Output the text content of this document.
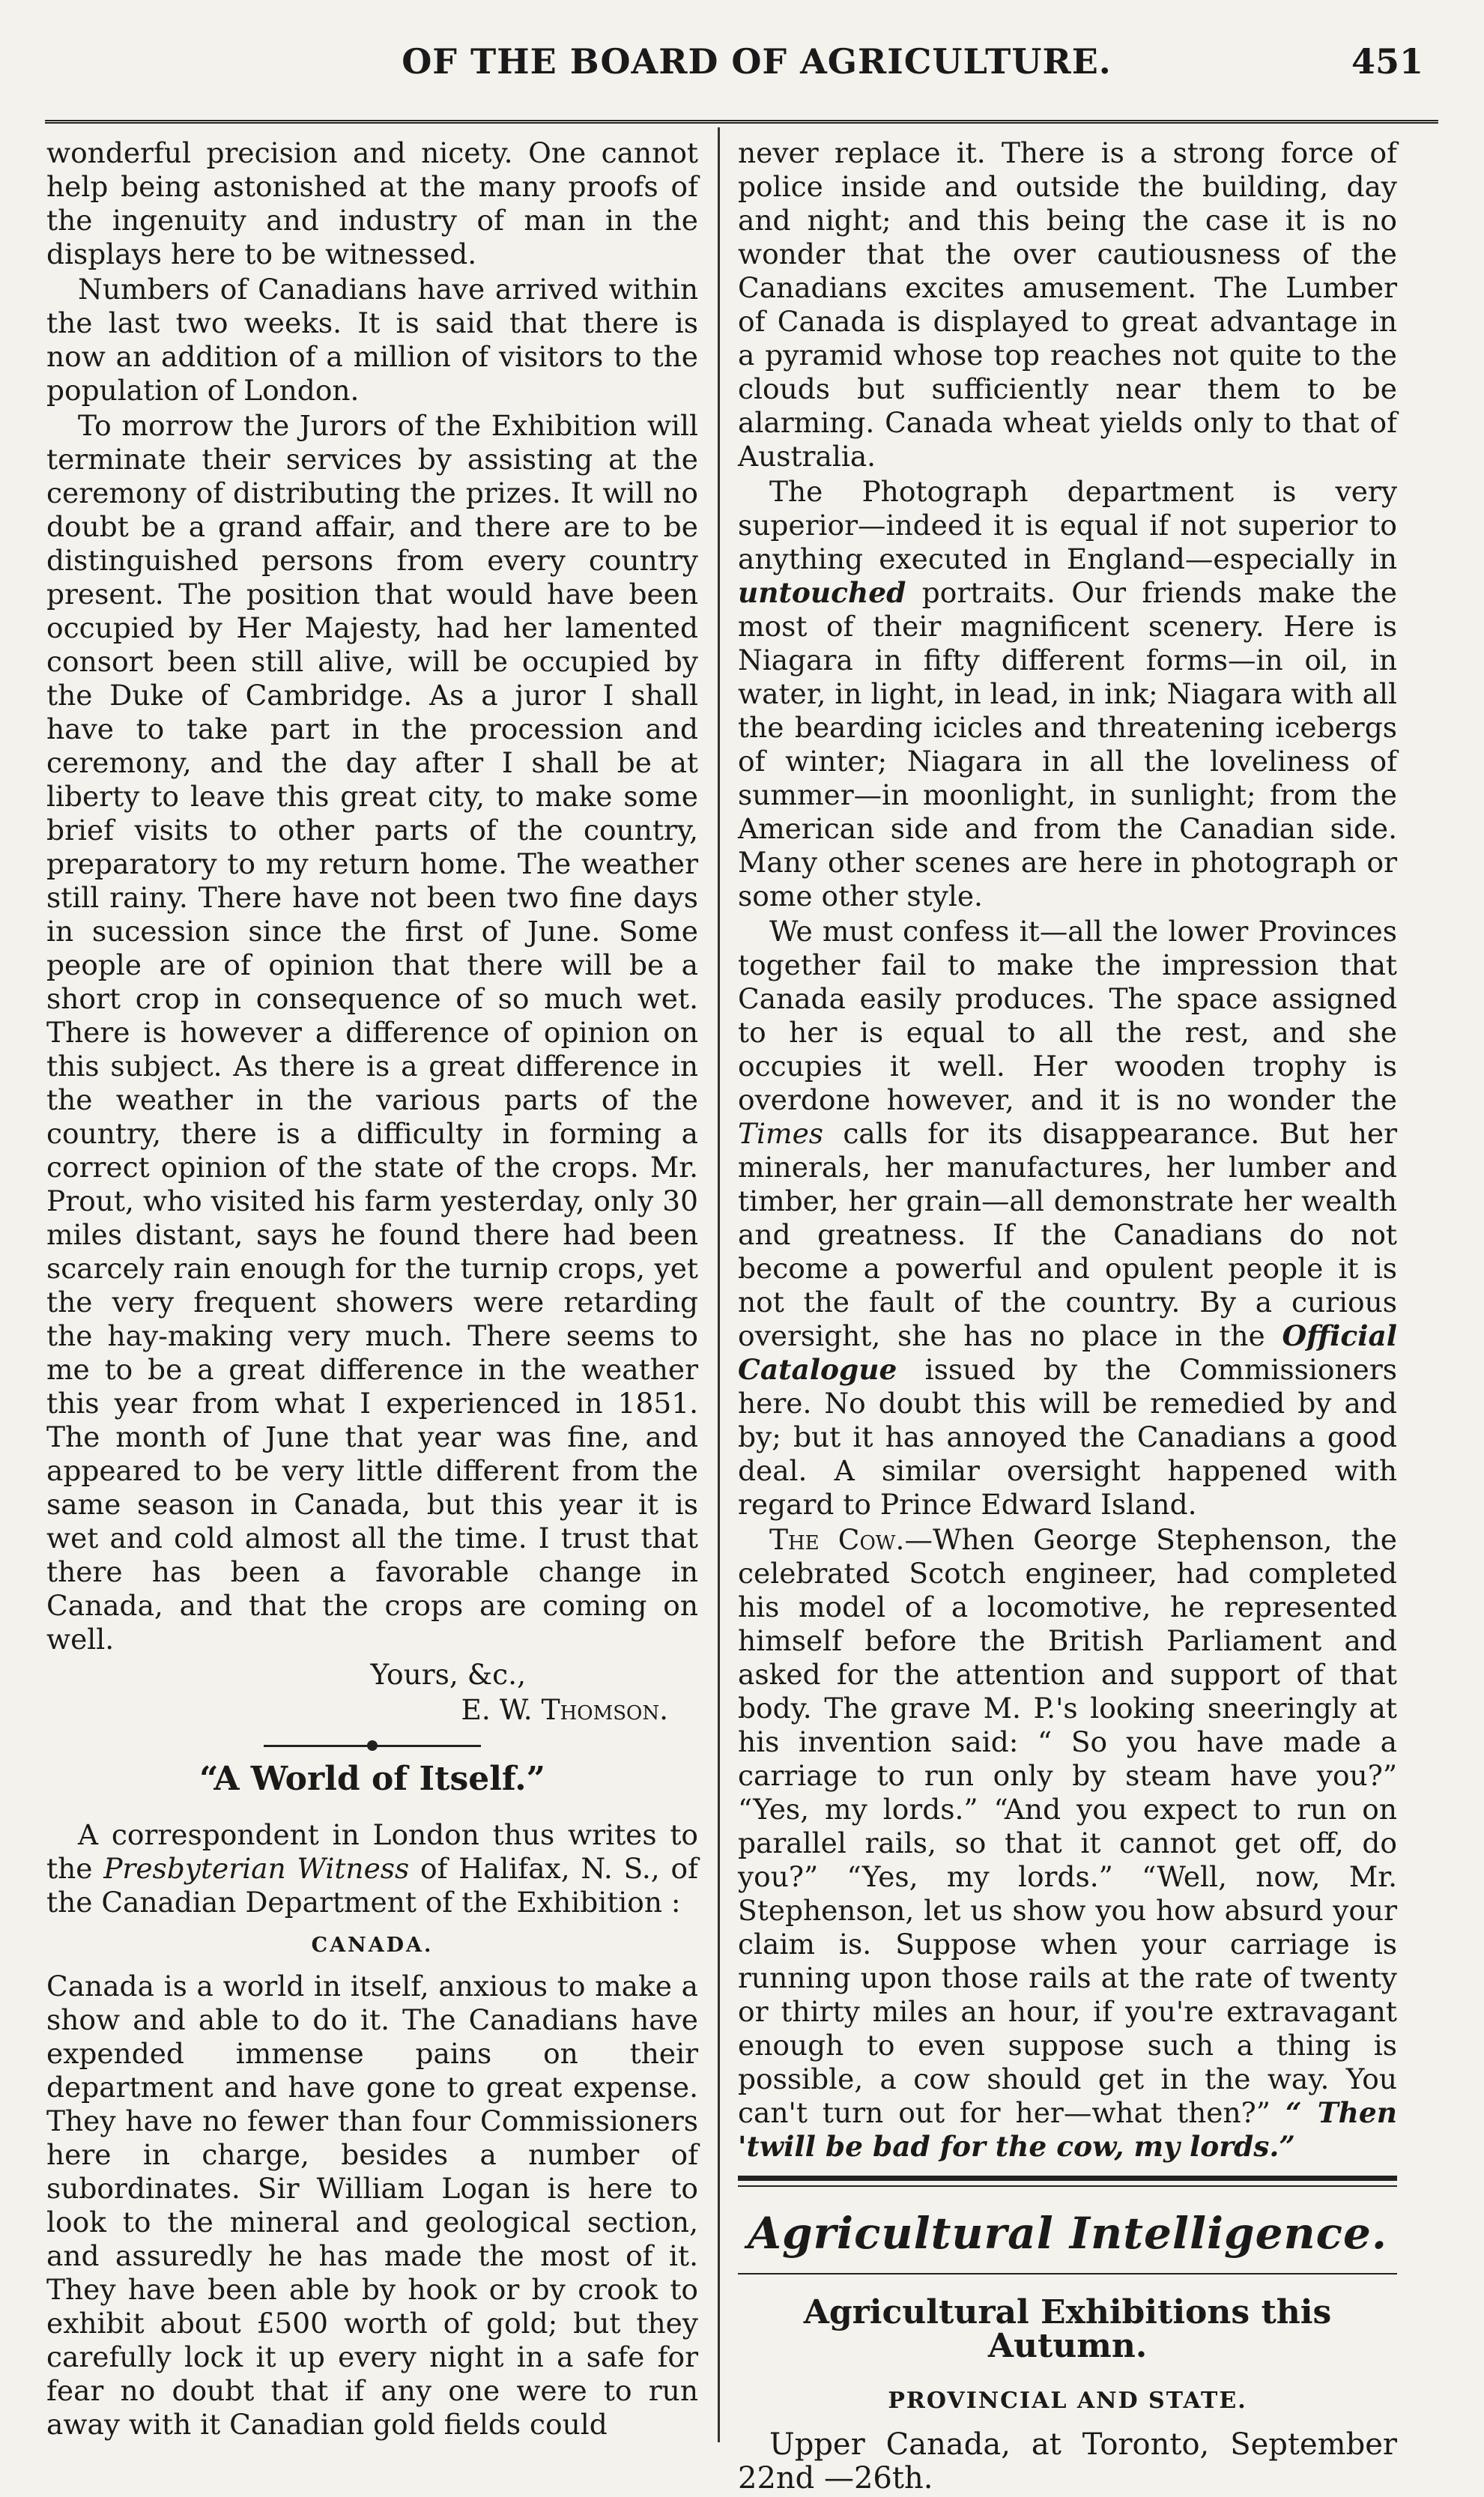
OF THE BOARD OF AGRICULTURE.	451

wonderful precision and nicety. One cannot help being astonished at the many proofs of the ingenuity and industry of man in the displays here to be witnessed.

Numbers of Canadians have arrived within the last two weeks. It is said that there is now an addition of a million of visitors to the population of London.

To morrow the Jurors of the Exhibition will terminate their services by assisting at the ceremony of distributing the prizes. It will no doubt be a grand affair, and there are to be distinguished persons from every country present. The position that would have been occupied by Her Majesty, had her lamented consort been still alive, will be occupied by the Duke of Cambridge. As a juror I shall have to take part in the procession and ceremony, and the day after I shall be at liberty to leave this great city, to make some brief visits to other parts of the country, preparatory to my return home. The weather still rainy. There have not been two fine days in sucession since the first of June. Some people are of opinion that there will be a short crop in consequence of so much wet. There is however a difference of opinion on this subject. As there is a great difference in the weather in the various parts of the country, there is a difficulty in forming a correct opinion of the state of the crops. Mr. Prout, who visited his farm yesterday, only 30 miles distant, says he found there had been scarcely rain enough for the turnip crops, yet the very frequent showers were retarding the hay-making very much. There seems to me to be a great difference in the weather this year from what I experienced in 1851. The month of June that year was fine, and appeared to be very little different from the same season in Canada, but this year it is wet and cold almost all the time. I trust that there has been a favorable change in Canada, and that the crops are coming on well.

Yours, &c.,

E. W. Thomson.

“A World of Itself.”

A correspondent in London thus writes to the Presbyterian Witness of Halifax, N. S., of the Canadian Department of the Exhibition :

CANADA.

Canada is a world in itself, anxious to make a show and able to do it. The Canadians have expended immense pains on their department and have gone to great expense. They have no fewer than four Commissioners here in charge, besides a number of subordinates. Sir William Logan is here to look to the mineral and geological section, and assuredly he has made the most of it. They have been able by hook or by crook to exhibit about £500 worth of gold; but they carefully lock it up every night in a safe for fear no doubt that if any one were to run away with it Canadian gold fields could

never replace it. There is a strong force of police inside and outside the building, day and night; and this being the case it is no wonder that the over cautiousness of the Canadians excites amusement. The Lumber of Canada is displayed to great advantage in a pyramid whose top reaches not quite to the clouds but sufficiently near them to be alarming. Canada wheat yields only to that of Australia.

The Photograph department is very superior—indeed it is equal if not superior to anything executed in England—especially in untouched portraits. Our friends make the most of their magnificent scenery. Here is Niagara in fifty different forms—in oil, in water, in light, in lead, in ink; Niagara with all the bearding icicles and threatening icebergs of winter; Niagara in all the loveliness of summer—in moonlight, in sunlight; from the American side and from the Canadian side. Many other scenes are here in photograph or some other style.

We must confess it—all the lower Provinces together fail to make the impression that Canada easily produces. The space assigned to her is equal to all the rest, and she occupies it well. Her wooden trophy is overdone however, and it is no wonder the Times calls for its disappearance. But her minerals, her manufactures, her lumber and timber, her grain—all demonstrate her wealth and greatness. If the Canadians do not become a powerful and opulent people it is not the fault of the country. By a curious oversight, she has no place in the Official Catalogue issued by the Commissioners here. No doubt this will be remedied by and by; but it has annoyed the Canadians a good deal. A similar oversight happened with regard to Prince Edward Island.

The Cow.—When George Stephenson, the celebrated Scotch engineer, had completed his model of a locomotive, he represented himself before the British Parliament and asked for the attention and support of that body. The grave M. P.'s looking sneeringly at his invention said: “ So you have made a carriage to run only by steam have you?” “Yes, my lords.” “And you expect to run on parallel rails, so that it cannot get off, do you?” “Yes, my lords.” “Well, now, Mr. Stephenson, let us show you how absurd your claim is. Suppose when your carriage is running upon those rails at the rate of twenty or thirty miles an hour, if you're extravagant enough to even suppose such a thing is possible, a cow should get in the way. You can't turn out for her—what then?” “ Then 'twill be bad for the cow, my lords.”

Agricultural Intelligence.
Agricultural Exhibitions this Autumn.
PROVINCIAL AND STATE.

Upper Canada, at Toronto, September 22nd —26th.
